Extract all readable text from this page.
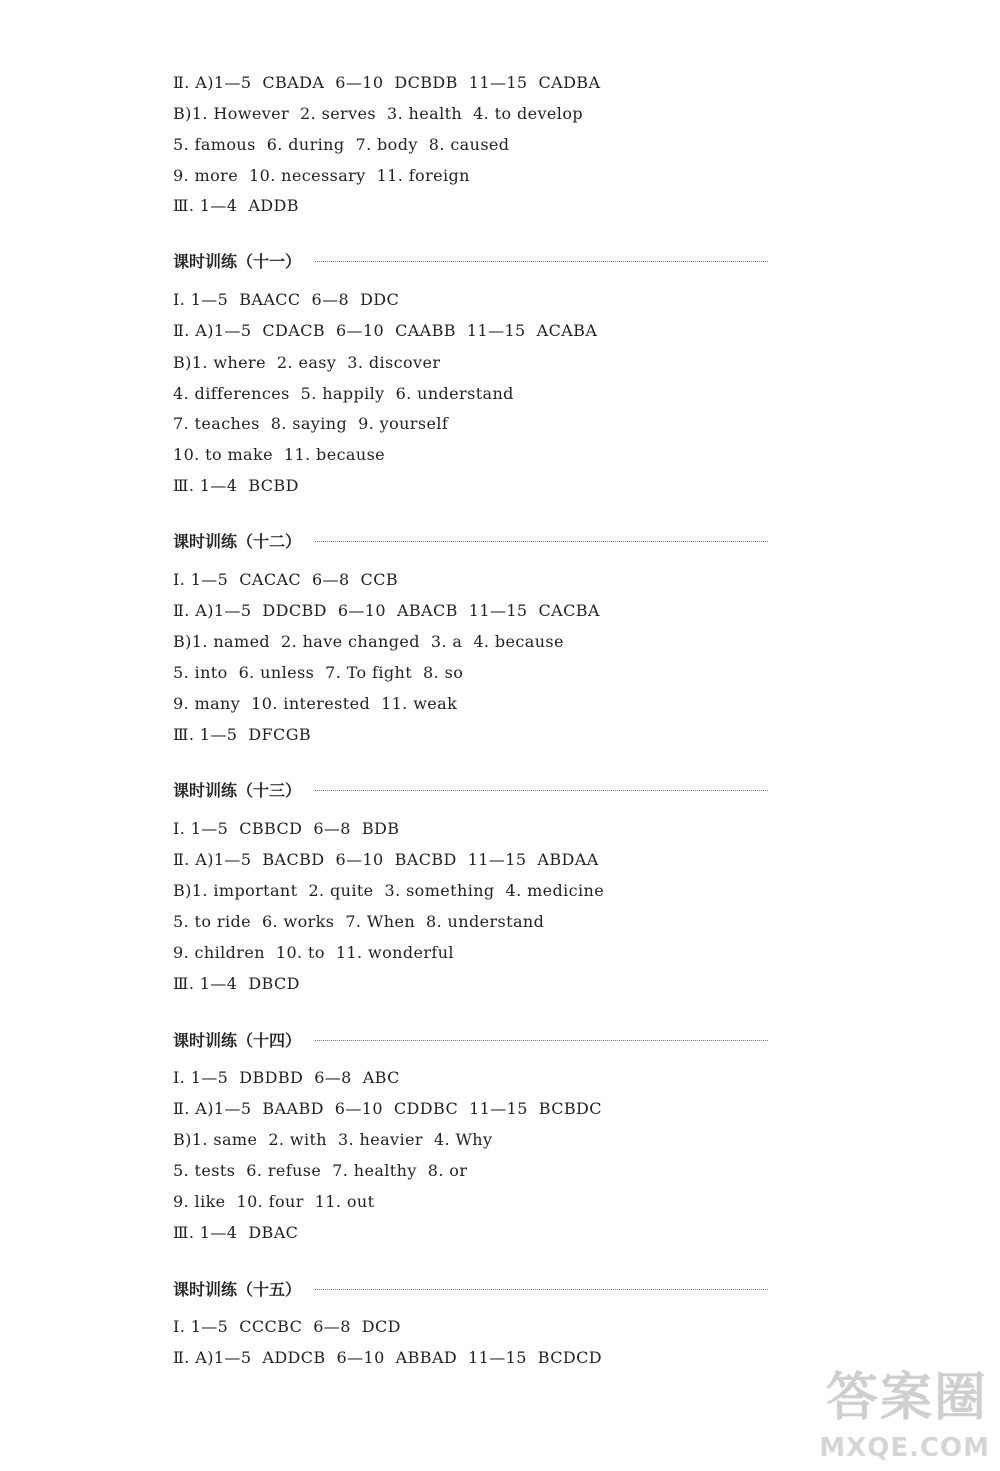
Ⅱ. A)1—5  CBADA  6—10  DCBDB  11—15  CADBA
B)1. However  2. serves  3. health  4. to develop
5. famous  6. during  7. body  8. caused
9. more  10. necessary  11. foreign
Ⅲ. 1—4  ADDB
课时训练（十一）
Ⅰ. 1—5  BAACC  6—8  DDC
Ⅱ. A)1—5  CDACB  6—10  CAABB  11—15  ACABA
B)1. where  2. easy  3. discover
4. differences  5. happily  6. understand
7. teaches  8. saying  9. yourself
10. to make  11. because
Ⅲ. 1—4  BCBD
课时训练（十二）
Ⅰ. 1—5  CACAC  6—8  CCB
Ⅱ. A)1—5  DDCBD  6—10  ABACB  11—15  CACBA
B)1. named  2. have changed  3. a  4. because
5. into  6. unless  7. To fight  8. so
9. many  10. interested  11. weak
Ⅲ. 1—5  DFCGB
课时训练（十三）
Ⅰ. 1—5  CBBCD  6—8  BDB
Ⅱ. A)1—5  BACBD  6—10  BACBD  11—15  ABDAA
B)1. important  2. quite  3. something  4. medicine
5. to ride  6. works  7. When  8. understand
9. children  10. to  11. wonderful
Ⅲ. 1—4  DBCD
课时训练（十四）
Ⅰ. 1—5  DBDBD  6—8  ABC
Ⅱ. A)1—5  BAABD  6—10  CDDBC  11—15  BCBDC
B)1. same  2. with  3. heavier  4. Why
5. tests  6. refuse  7. healthy  8. or
9. like  10. four  11. out
Ⅲ. 1—4  DBAC
课时训练（十五）
Ⅰ. 1—5  CCCBC  6—8  DCD
Ⅱ. A)1—5  ADDCB  6—10  ABBAD  11—15  BCDCD
答案圈
MXQE.COM
